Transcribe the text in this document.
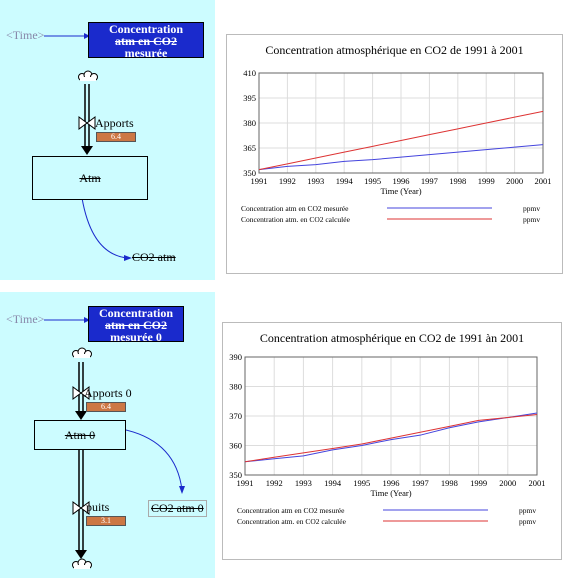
<Time>	Concentration
atm en CO2
mesurée
Apports
6.4
Atm
CO2 atm
<Time>	Concentration
atm en CO2
mesurée 0
Apports 0
6.4
Atm 0
puits
3.1
CO2 atm 0
Concentration atmosphérique en CO2 de 1991 à 2001
350
365
380
395
410
1991 1992 1993 1994 1995 1996 1997 1998 1999 2000 2001
Time (Year)
Concentration atm en CO2 mesurée	ppmv
Concentration atm. en CO2 calculée	ppmv
Concentration atmosphérique en CO2 de 1991 àn 2001
350
360
370
380
390
1991 1992 1993 1994 1995 1996 1997 1998 1999 2000 2001
Time (Year)
Concentration atm en CO2 mesurée	ppmv
Concentration atm. en CO2 calculée	ppmv
